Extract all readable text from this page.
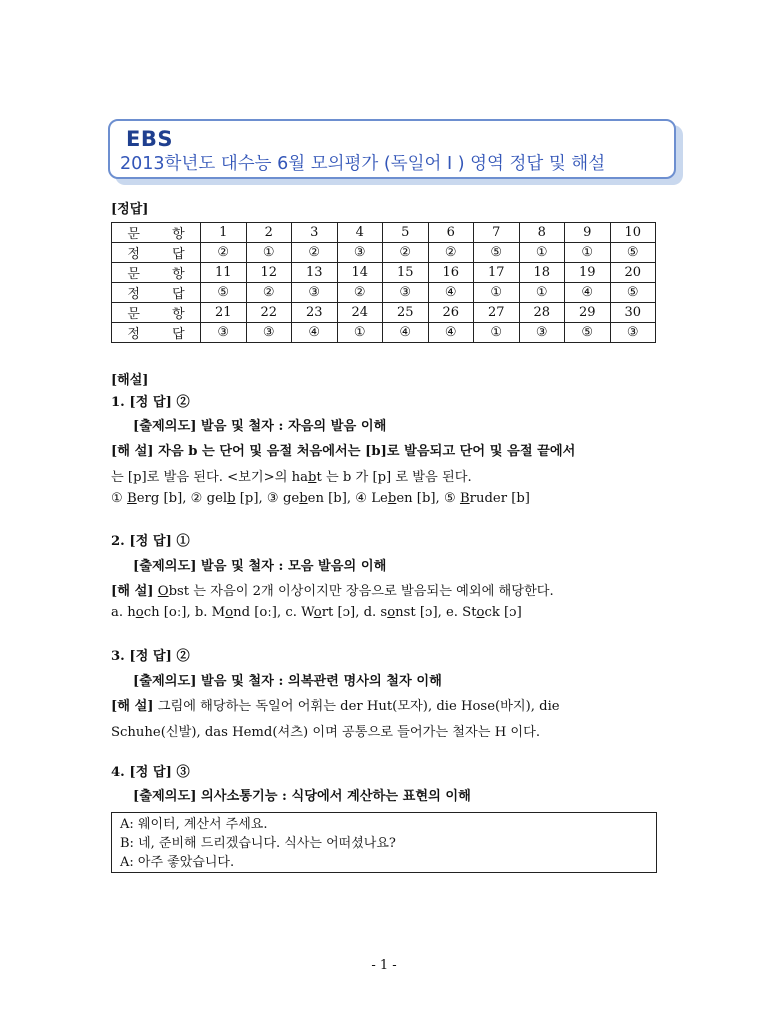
EBS
2013학년도 대수능 6월 모의평가 (독일어 I ) 영역 정답 및 해설
[정답]
문 항	1	2	3	4	5	6	7	8	9	10
정 답	②	①	②	③	②	②	⑤	①	①	⑤
문 항	11	12	13	14	15	16	17	18	19	20
정 답	⑤	②	③	②	③	④	①	①	④	⑤
문 항	21	22	23	24	25	26	27	28	29	30
정 답	③	③	④	①	④	④	①	③	⑤	③
[해설]
1. [정 답] ②
[출제의도] 발음 및 철자 : 자음의 발음 이해
[해 설] 자음 b 는 단어 및 음절 처음에서는 [b]로 발음되고 단어 및 음절 끝에서
는 [p]로 발음 된다. <보기>의 habt 는 b 가 [p] 로 발음 된다.
① Berg [b], ② gelb [p], ③ geben [b], ④ Leben [b], ⑤ Bruder [b]
2. [정 답] ①
[출제의도] 발음 및 철자 : 모음 발음의 이해
[해 설] Obst 는 자음이 2개 이상이지만 장음으로 발음되는 예외에 해당한다.
a. hoch [oː], b. Mond [oː], c. Wort [ɔ], d. sonst [ɔ], e. Stock [ɔ]
3. [정 답] ②
[출제의도] 발음 및 철자 : 의복관련 명사의 철자 이해
[해 설] 그림에 해당하는 독일어 어휘는 der Hut(모자), die Hose(바지), die
Schuhe(신발), das Hemd(셔츠) 이며 공통으로 들어가는 철자는 H 이다.
4. [정 답] ③
[출제의도] 의사소통기능 : 식당에서 계산하는 표현의 이해
A: 웨이터, 계산서 주세요.
B: 네, 준비해 드리겠습니다. 식사는 어떠셨나요?
A: 아주 좋았습니다.
- 1 -
